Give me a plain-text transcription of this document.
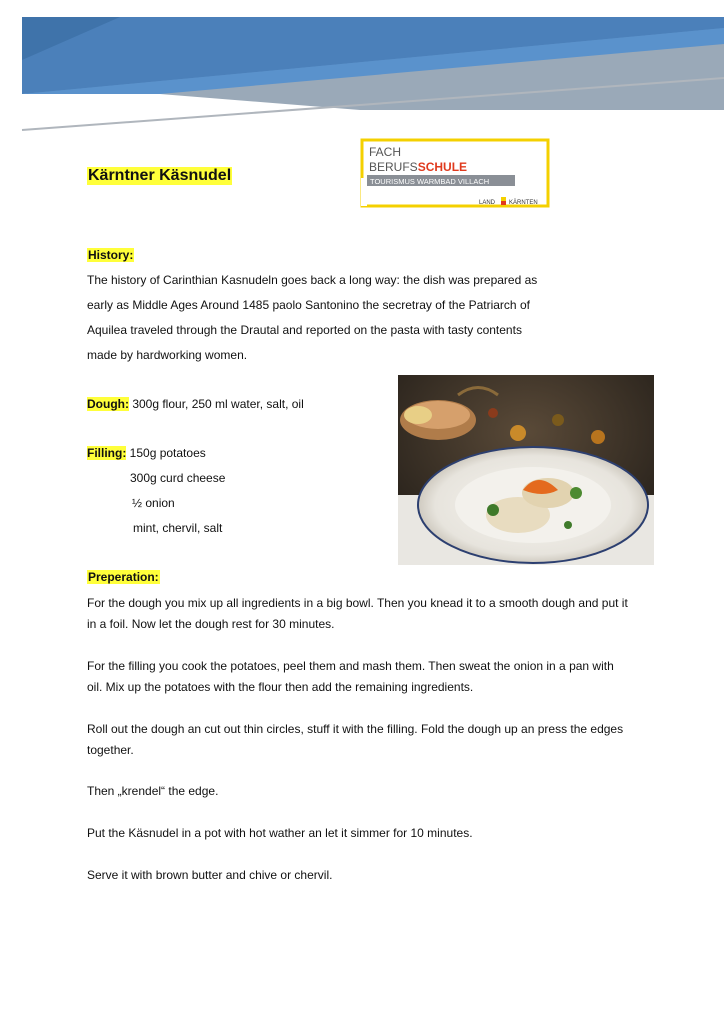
Kärntner Käsnudel
FACH
BERUFSSCHULE
TOURISMUS WARMBAD VILLACH
LAND KÄRNTEN
History:
The history of Carinthian Kasnudeln goes back a long way: the dish was prepared as
early as Middle Ages Around 1485 paolo Santonino the secretray of the Patriarch of
Aquilea traveled through the Drautal and reported on the pasta with tasty contents
made by hardworking women.
Dough: 300g flour, 250 ml water, salt, oil
Filling: 150g potatoes
300g curd cheese
½ onion
mint, chervil, salt
Preperation:
For the dough you mix up all ingredients in a big bowl. Then you knead it to a smooth dough and put it
in a foil. Now let the dough rest for 30 minutes.
For the filling you cook the potatoes, peel them and mash them. Then sweat the onion in a pan with
oil. Mix up the potatoes with the flour then add the remaining ingredients.
Roll out the dough an cut out thin circles, stuff it with the filling. Fold the dough up an press the edges
together.
Then „krendel“ the edge.
Put the Käsnudel in a pot with hot wather an let it simmer for 10 minutes.
Serve it with brown butter and chive or chervil.
